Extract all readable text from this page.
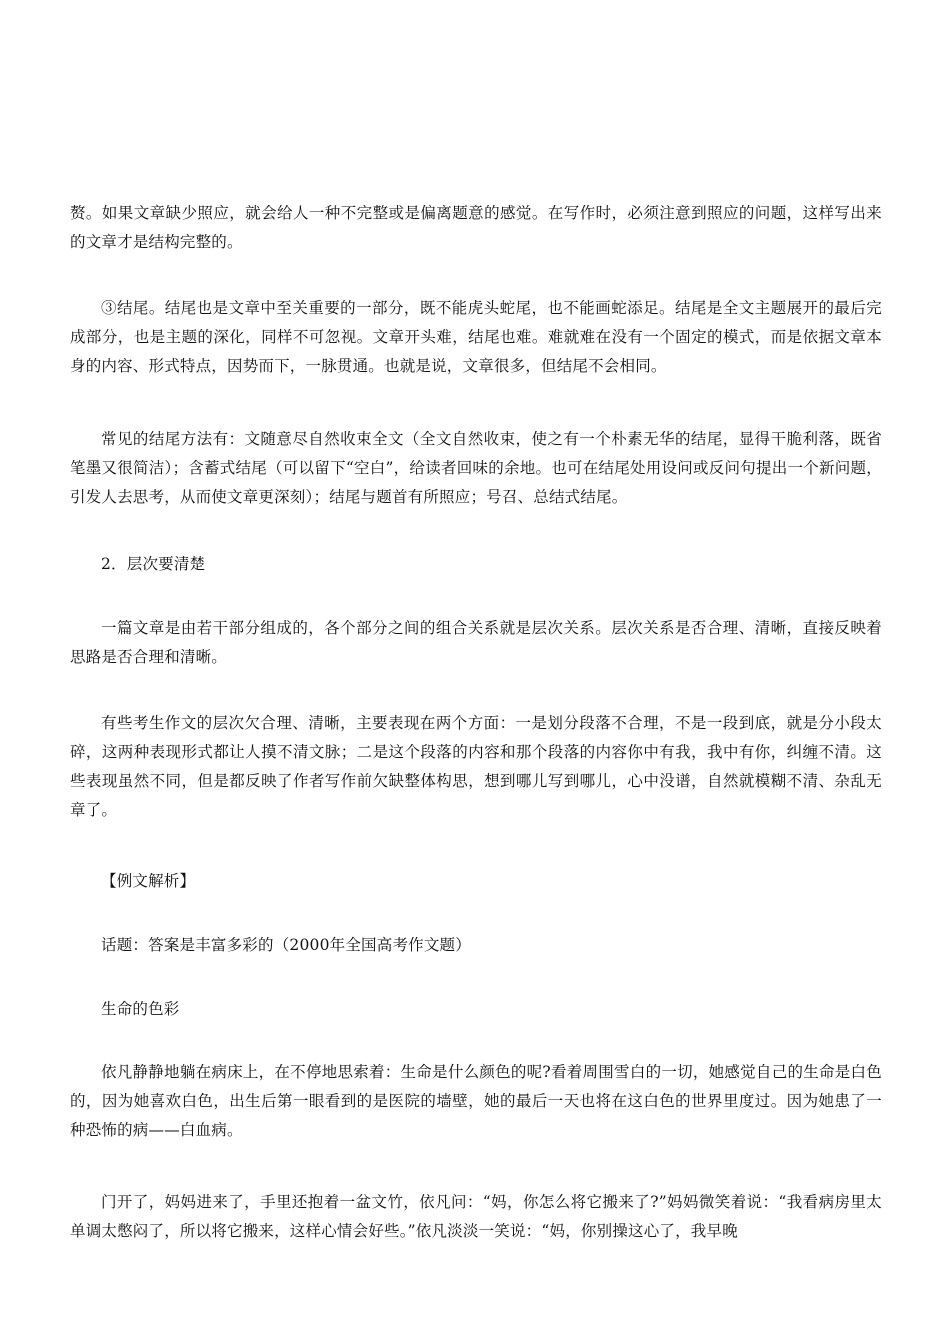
赘。如果文章缺少照应，就会给人一种不完整或是偏离题意的感觉。在写作时，必须注意到照应的问题，这样写出来的文章才是结构完整的。

③结尾。结尾也是文章中至关重要的一部分，既不能虎头蛇尾，也不能画蛇添足。结尾是全文主题展开的最后完成部分，也是主题的深化，同样不可忽视。文章开头难，结尾也难。难就难在没有一个固定的模式，而是依据文章本身的内容、形式特点，因势而下，一脉贯通。也就是说，文章很多，但结尾不会相同。

常见的结尾方法有：文随意尽自然收束全文（全文自然收束，使之有一个朴素无华的结尾，显得干脆利落，既省笔墨又很简洁）；含蓄式结尾（可以留下“空白”，给读者回味的余地。也可在结尾处用设问或反问句提出一个新问题，引发人去思考，从而使文章更深刻）；结尾与题首有所照应；号召、总结式结尾。

2．层次要清楚

一篇文章是由若干部分组成的，各个部分之间的组合关系就是层次关系。层次关系是否合理、清晰，直接反映着思路是否合理和清晰。

有些考生作文的层次欠合理、清晰，主要表现在两个方面：一是划分段落不合理，不是一段到底，就是分小段太碎，这两种表现形式都让人摸不清文脉；二是这个段落的内容和那个段落的内容你中有我，我中有你，纠缠不清。这些表现虽然不同，但是都反映了作者写作前欠缺整体构思，想到哪儿写到哪儿，心中没谱，自然就模糊不清、杂乱无章了。

【例文解析】

话题：答案是丰富多彩的（2000年全国高考作文题）

生命的色彩

依凡静静地躺在病床上，在不停地思索着：生命是什么颜色的呢?看着周围雪白的一切，她感觉自己的生命是白色的，因为她喜欢白色，出生后第一眼看到的是医院的墙壁，她的最后一天也将在这白色的世界里度过。因为她患了一种恐怖的病——白血病。

门开了，妈妈进来了，手里还抱着一盆文竹，依凡问：“妈，你怎么将它搬来了?”妈妈微笑着说：“我看病房里太单调太憋闷了，所以将它搬来，这样心情会好些。”依凡淡淡一笑说：“妈，你别操这心了，我早晚
